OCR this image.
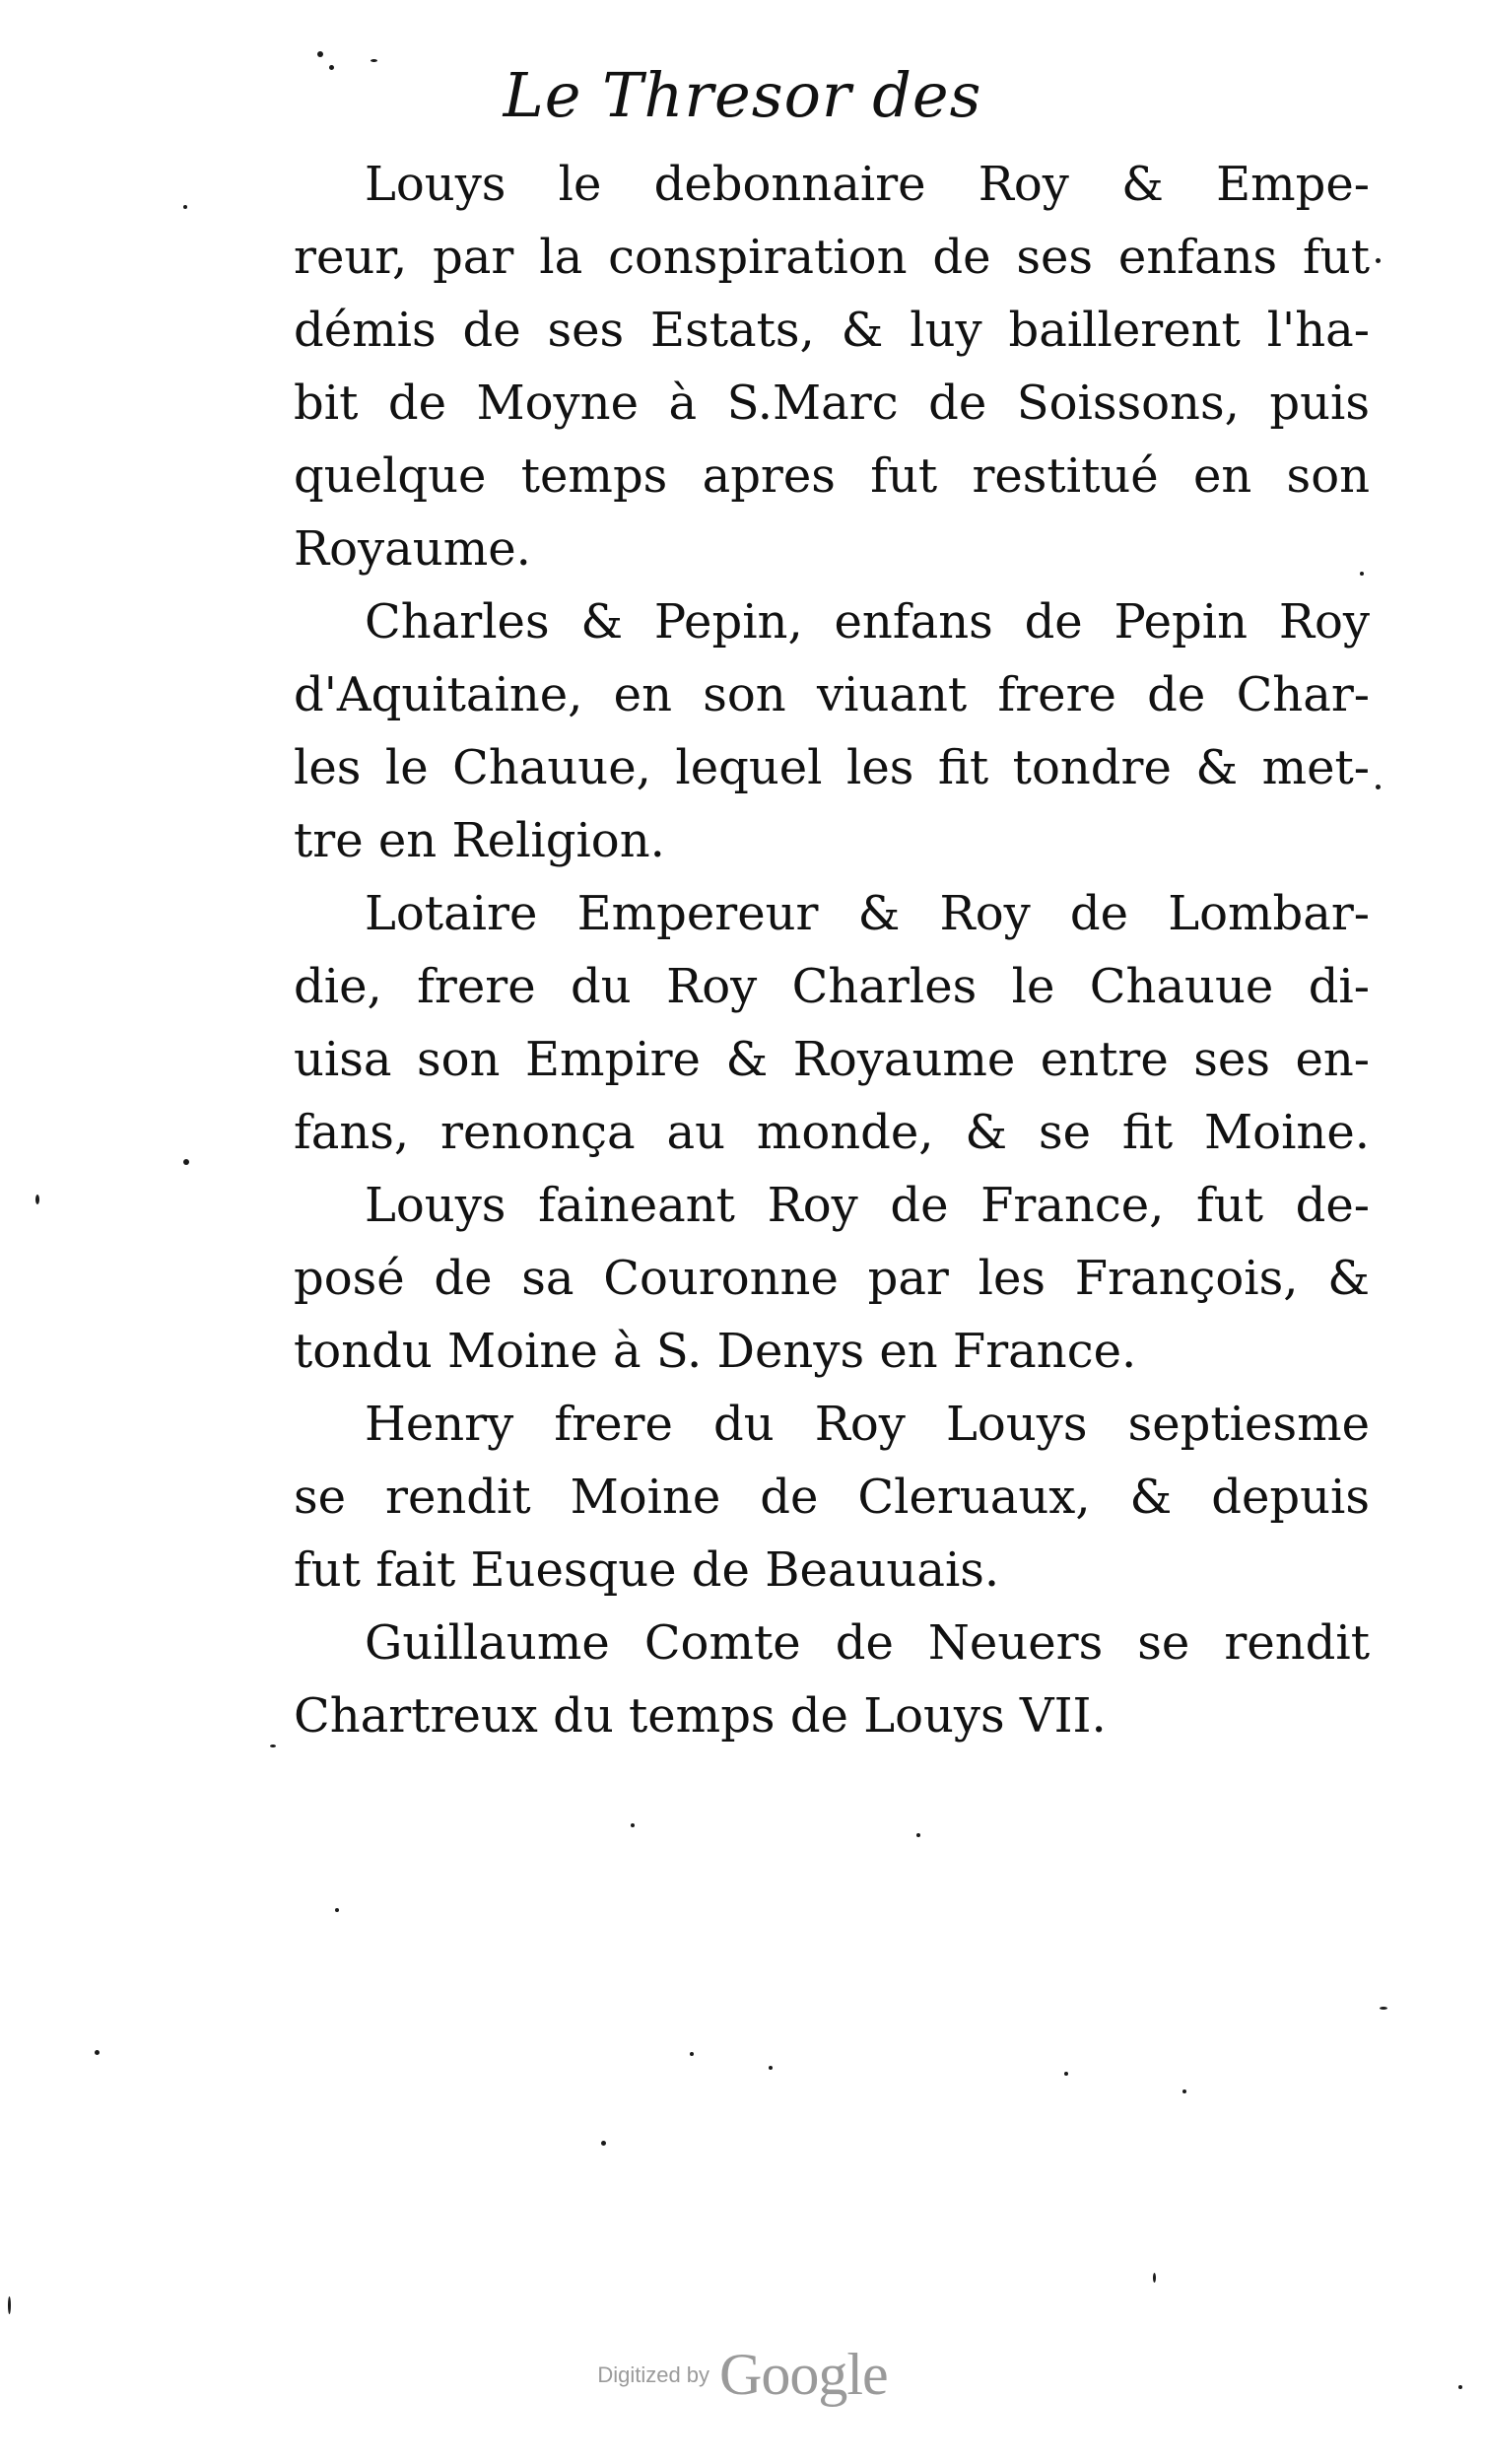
Le Thresor des
Louys le debonnaire Roy & Empe-
reur, par la conspiration de ses enfans fut
démis de ses Estats, & luy baillerent l'ha-
bit de Moyne à S.Marc de Soissons, puis
quelque temps apres fut restitué en son
Royaume.
Charles & Pepin, enfans de Pepin Roy
d'Aquitaine, en son viuant frere de Char-
les le Chauue, lequel les fit tondre & met-
tre en Religion.
Lotaire Empereur & Roy de Lombar-
die, frere du Roy Charles le Chauue di-
uisa son Empire & Royaume entre ses en-
fans, renonça au monde, & se fit Moine.
Louys faineant Roy de France, fut de-
posé de sa Couronne par les François, &
tondu Moine à S. Denys en France.
Henry frere du Roy Louys septiesme
se rendit Moine de Cleruaux, & depuis
fut fait Euesque de Beauuais.
Guillaume Comte de Neuers se rendit
Chartreux du temps de Louys VII.
Digitized by Google
